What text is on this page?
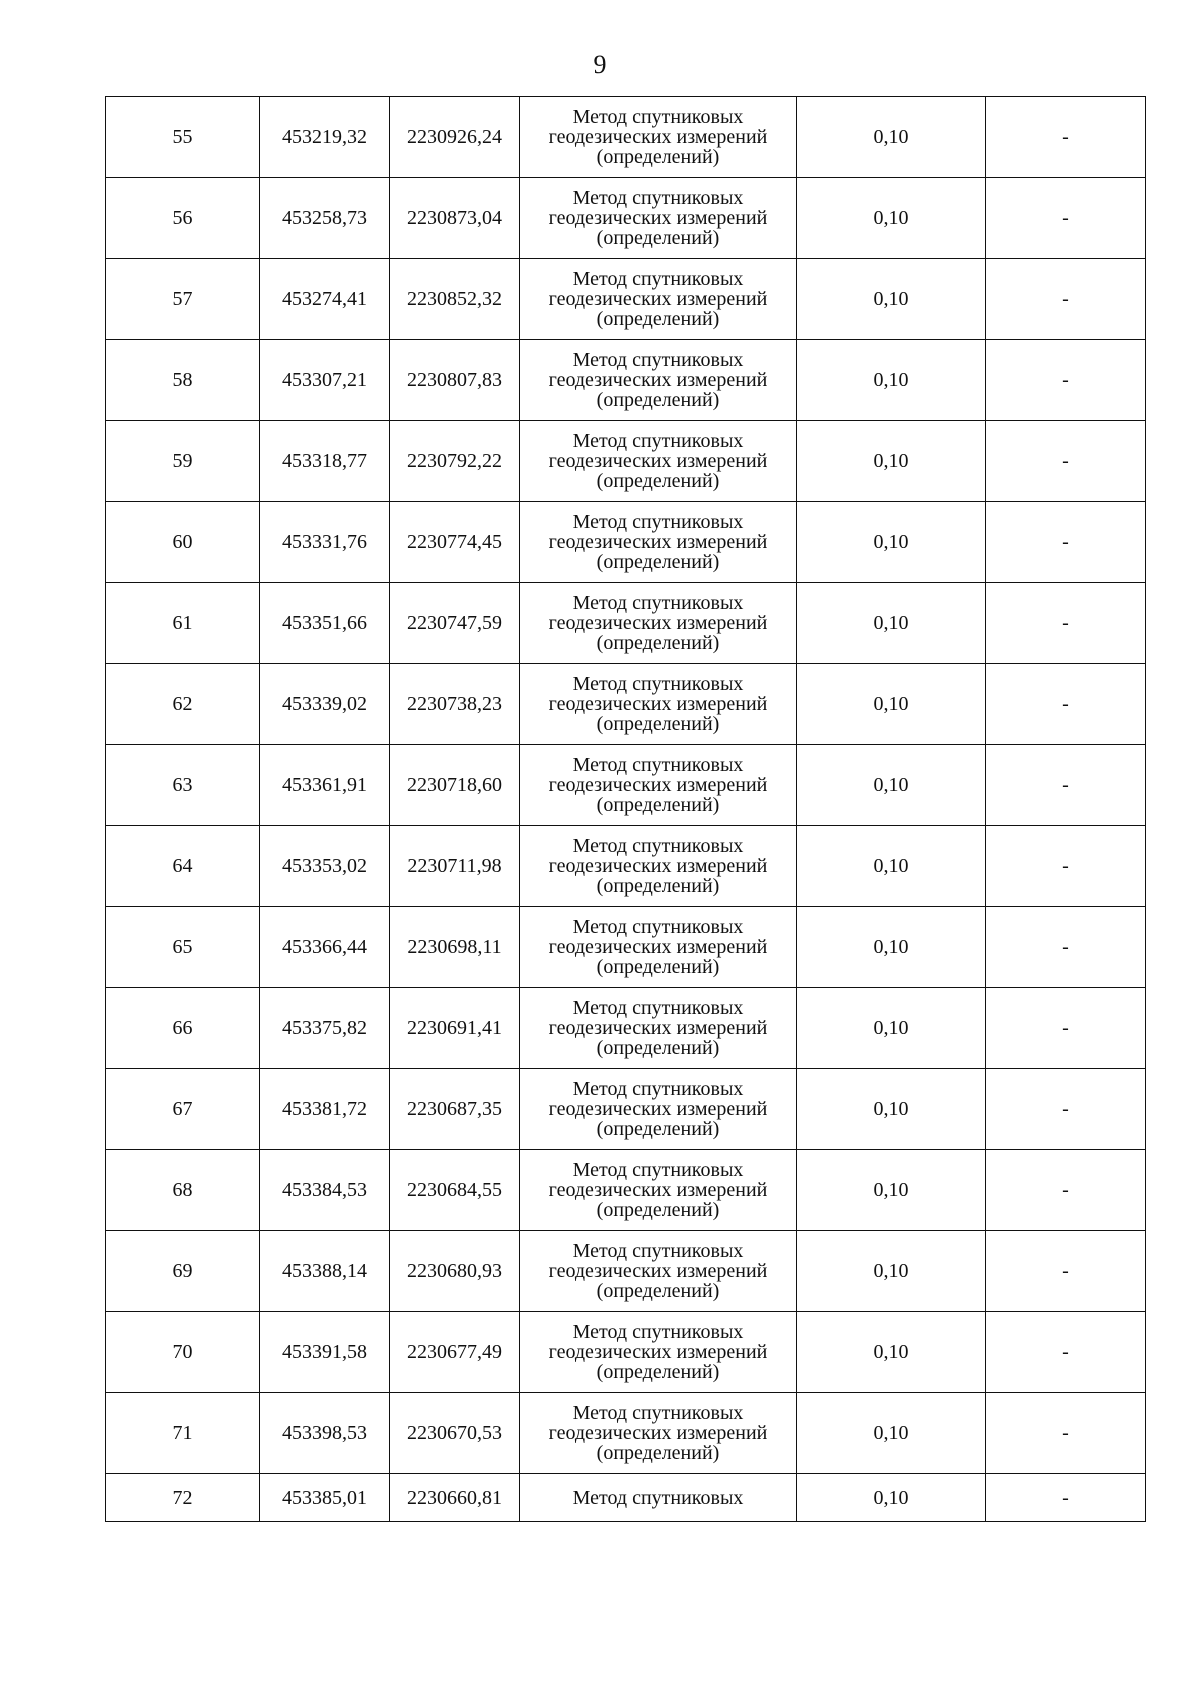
9
55	453219,32	2230926,24	Метод спутниковых
геодезических измерений
(определений)	0,10	-
56	453258,73	2230873,04	Метод спутниковых
геодезических измерений
(определений)	0,10	-
57	453274,41	2230852,32	Метод спутниковых
геодезических измерений
(определений)	0,10	-
58	453307,21	2230807,83	Метод спутниковых
геодезических измерений
(определений)	0,10	-
59	453318,77	2230792,22	Метод спутниковых
геодезических измерений
(определений)	0,10	-
60	453331,76	2230774,45	Метод спутниковых
геодезических измерений
(определений)	0,10	-
61	453351,66	2230747,59	Метод спутниковых
геодезических измерений
(определений)	0,10	-
62	453339,02	2230738,23	Метод спутниковых
геодезических измерений
(определений)	0,10	-
63	453361,91	2230718,60	Метод спутниковых
геодезических измерений
(определений)	0,10	-
64	453353,02	2230711,98	Метод спутниковых
геодезических измерений
(определений)	0,10	-
65	453366,44	2230698,11	Метод спутниковых
геодезических измерений
(определений)	0,10	-
66	453375,82	2230691,41	Метод спутниковых
геодезических измерений
(определений)	0,10	-
67	453381,72	2230687,35	Метод спутниковых
геодезических измерений
(определений)	0,10	-
68	453384,53	2230684,55	Метод спутниковых
геодезических измерений
(определений)	0,10	-
69	453388,14	2230680,93	Метод спутниковых
геодезических измерений
(определений)	0,10	-
70	453391,58	2230677,49	Метод спутниковых
геодезических измерений
(определений)	0,10	-
71	453398,53	2230670,53	Метод спутниковых
геодезических измерений
(определений)	0,10	-
72	453385,01	2230660,81	Метод спутниковых	0,10	-
